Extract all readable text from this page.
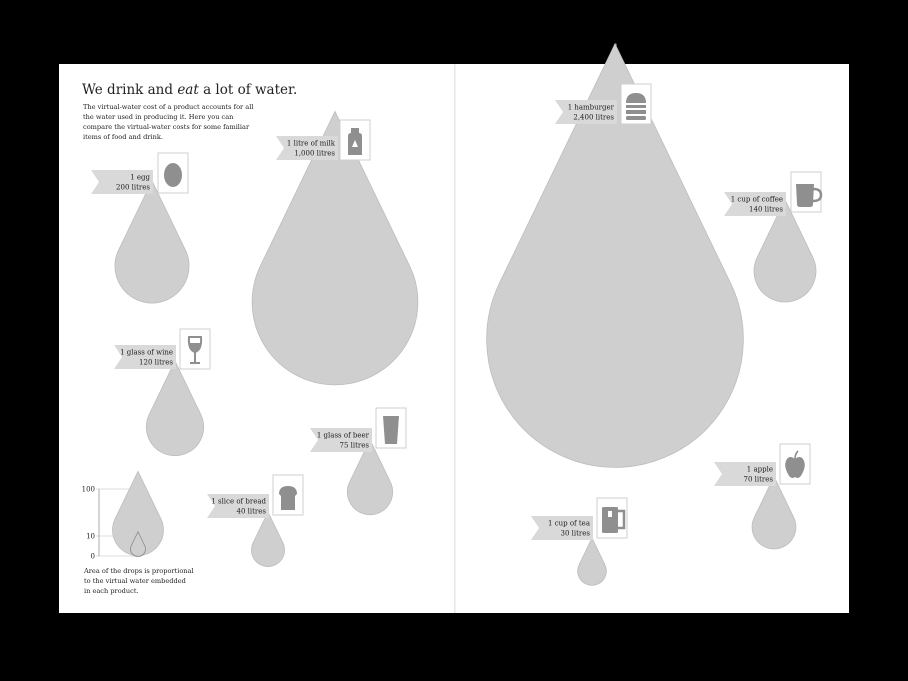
We drink and eat a lot of water.
The virtual-water cost of a product accounts for all the water used in producing it. Here you can compare the virtual-water costs for some familiar items of food and drink.
Area of the drops is proportional to the virtual water embedded in each product.
1 egg
200 litres
1 litre of milk
1,000 litres
1 glass of wine
120 litres
1 glass of beer
75 litres
1 slice of bread
40 litres
1 hamburger
2,400 litres
1 cup of coffee
140 litres
1 apple
70 litres
1 cup of tea
30 litres
100
10
0
